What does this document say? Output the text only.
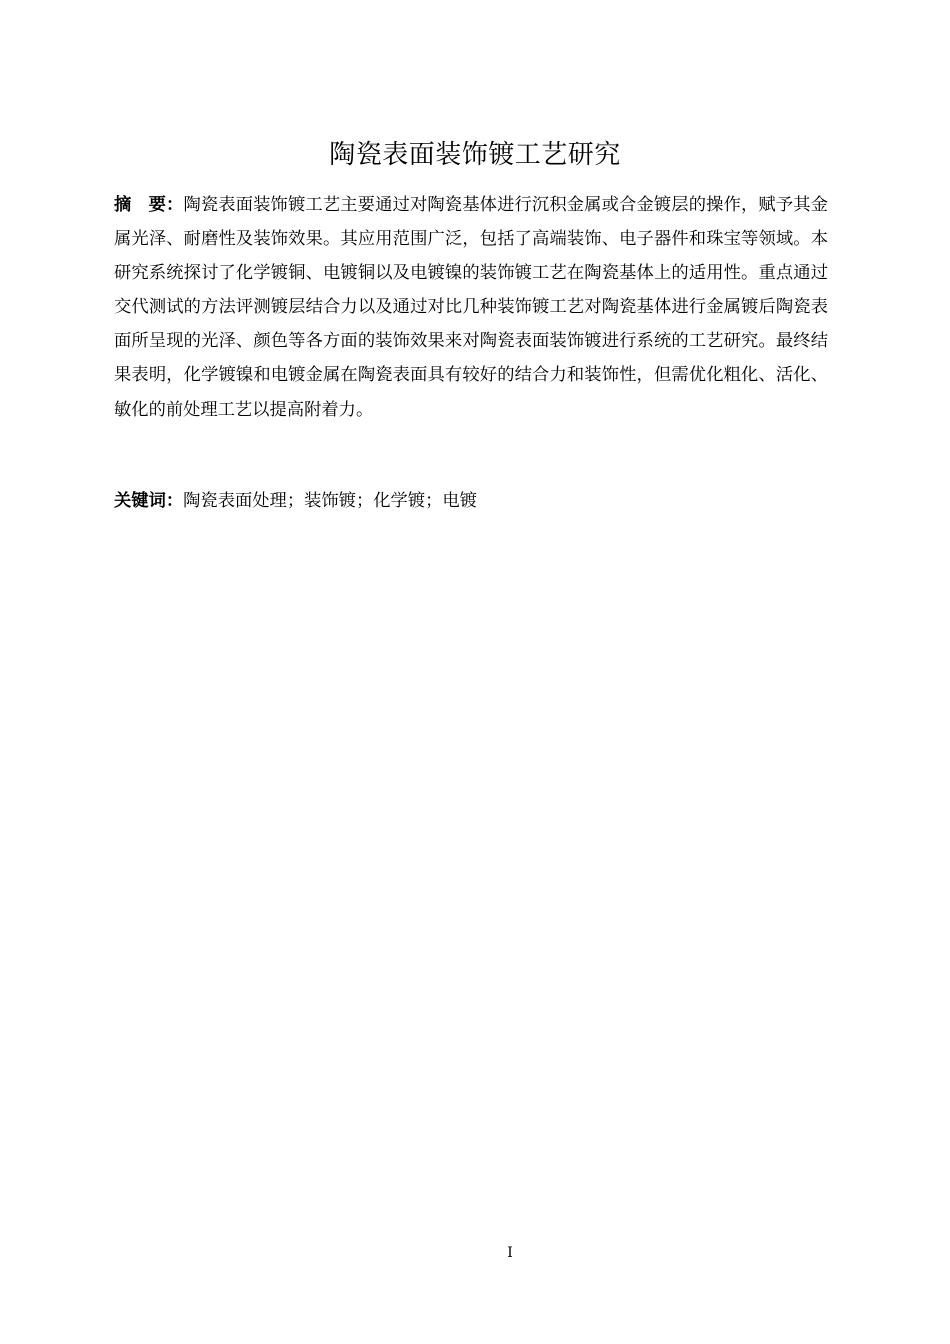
陶瓷表面装饰镀工艺研究
摘 要：陶瓷表面装饰镀工艺主要通过对陶瓷基体进行沉积金属或合金镀层的操作，赋予其金属光泽、耐磨性及装饰效果。其应用范围广泛，包括了高端装饰、电子器件和珠宝等领域。本研究系统探讨了化学镀铜、电镀铜以及电镀镍的装饰镀工艺在陶瓷基体上的适用性。重点通过交代测试的方法评测镀层结合力以及通过对比几种装饰镀工艺对陶瓷基体进行金属镀后陶瓷表面所呈现的光泽、颜色等各方面的装饰效果来对陶瓷表面装饰镀进行系统的工艺研究。最终结果表明，化学镀镍和电镀金属在陶瓷表面具有较好的结合力和装饰性，但需优化粗化、活化、敏化的前处理工艺以提高附着力。
关键词：陶瓷表面处理；装饰镀；化学镀；电镀
I
